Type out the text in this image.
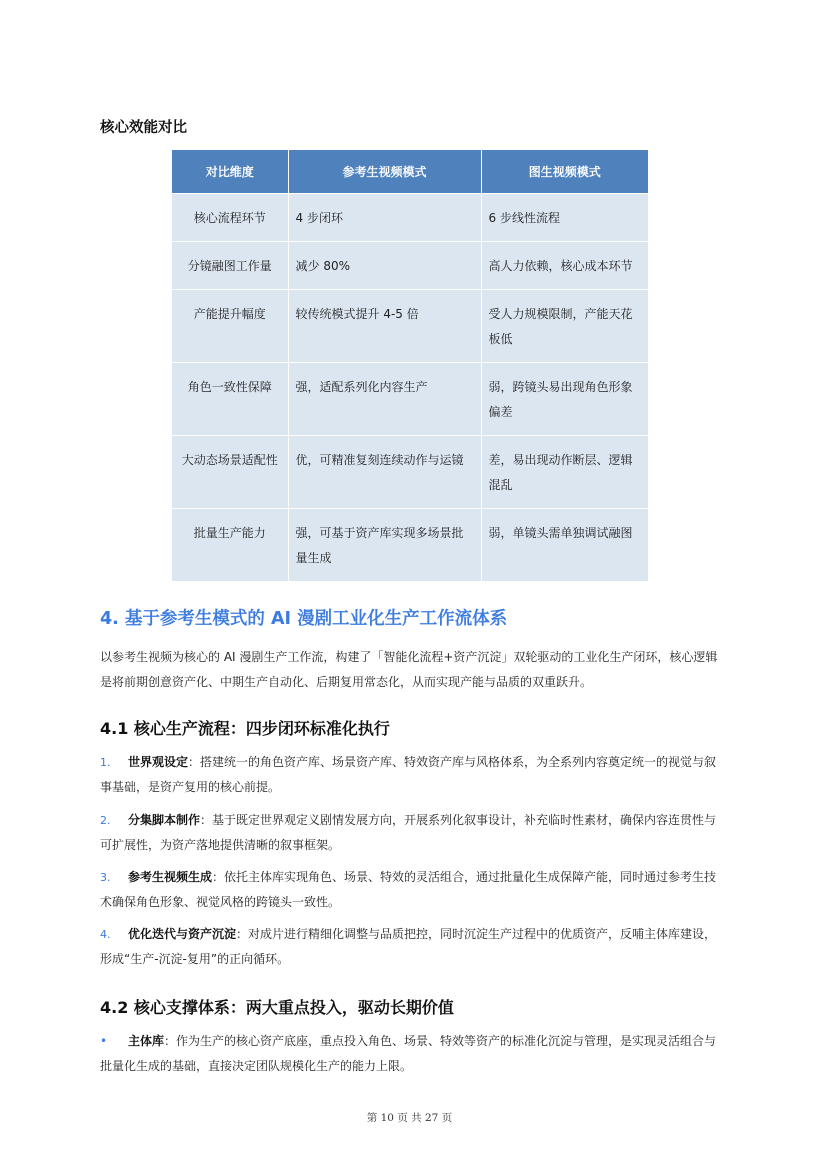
核心效能对比
对比维度	参考生视频模式	图生视频模式
核心流程环节	4 步闭环	6 步线性流程
分镜融图工作量	减少 80%	高人力依赖，核心成本环节
产能提升幅度	较传统模式提升 4-5 倍	受人力规模限制，产能天花板低
角色一致性保障	强，适配系列化内容生产	弱，跨镜头易出现角色形象偏差
大动态场景适配性	优，可精准复刻连续动作与运镜	差，易出现动作断层、逻辑混乱
批量生产能力	强，可基于资产库实现多场景批量生成	弱，单镜头需单独调试融图
4. 基于参考生模式的 AI 漫剧工业化生产工作流体系

以参考生视频为核心的 AI 漫剧生产工作流，构建了「智能化流程+资产沉淀」双轮驱动的工业化生产闭环，核心逻辑是将前期创意资产化、中期生产自动化、后期复用常态化，从而实现产能与品质的双重跃升。

4.1 核心生产流程：四步闭环标准化执行
1. 世界观设定：搭建统一的角色资产库、场景资产库、特效资产库与风格体系，为全系列内容奠定统一的视觉与叙事基础，是资产复用的核心前提。
2. 分集脚本制作：基于既定世界观定义剧情发展方向，开展系列化叙事设计，补充临时性素材，确保内容连贯性与可扩展性，为资产落地提供清晰的叙事框架。
3. 参考生视频生成：依托主体库实现角色、场景、特效的灵活组合，通过批量化生成保障产能，同时通过参考生技术确保角色形象、视觉风格的跨镜头一致性。
4. 优化迭代与资产沉淀：对成片进行精细化调整与品质把控，同时沉淀生产过程中的优质资产，反哺主体库建设，形成“生产-沉淀-复用”的正向循环。
4.2 核心支撑体系：两大重点投入，驱动长期价值
• 主体库：作为生产的核心资产底座，重点投入角色、场景、特效等资产的标准化沉淀与管理，是实现灵活组合与批量化生成的基础，直接决定团队规模化生产的能力上限。
第 10 页 共 27 页
